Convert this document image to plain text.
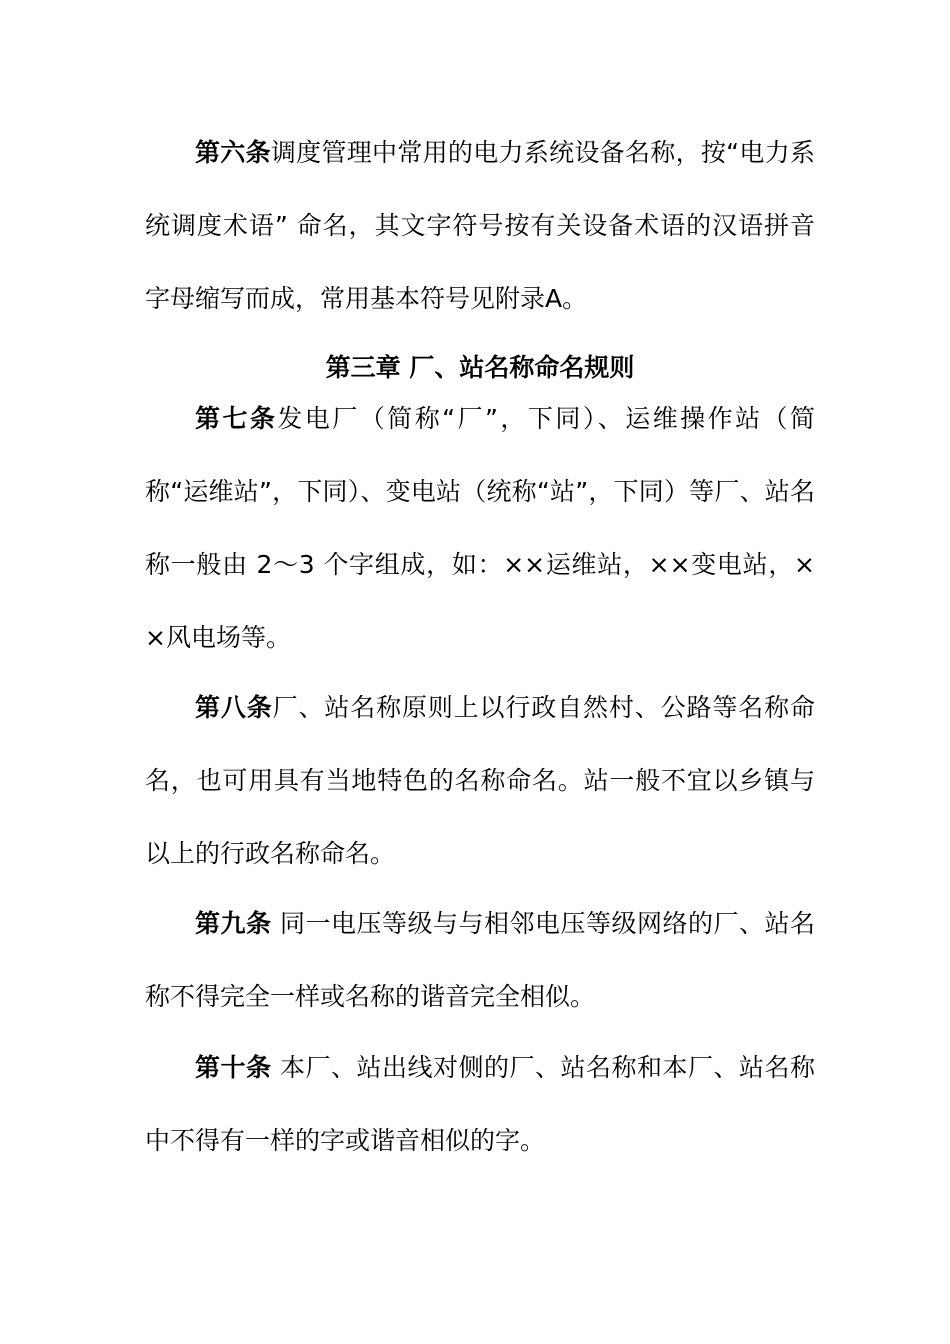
第六条调度管理中常用的电力系统设备名称，按“电力系统调度术语” 命名，其文字符号按有关设备术语的汉语拼音字母缩写而成，常用基本符号见附录A。

第三章 厂、站名称命名规则

第七条发电厂（简称“厂”，下同）、运维操作站（简称“运维站”，下同）、变电站（统称“站”，下同）等厂、站名称一般由 2～3 个字组成，如：××运维站，××变电站，××风电场等。

第八条厂、站名称原则上以行政自然村、公路等名称命名，也可用具有当地特色的名称命名。站一般不宜以乡镇与以上的行政名称命名。

第九条 同一电压等级与与相邻电压等级网络的厂、站名称不得完全一样或名称的谐音完全相似。

第十条 本厂、站出线对侧的厂、站名称和本厂、站名称中不得有一样的字或谐音相似的字。
